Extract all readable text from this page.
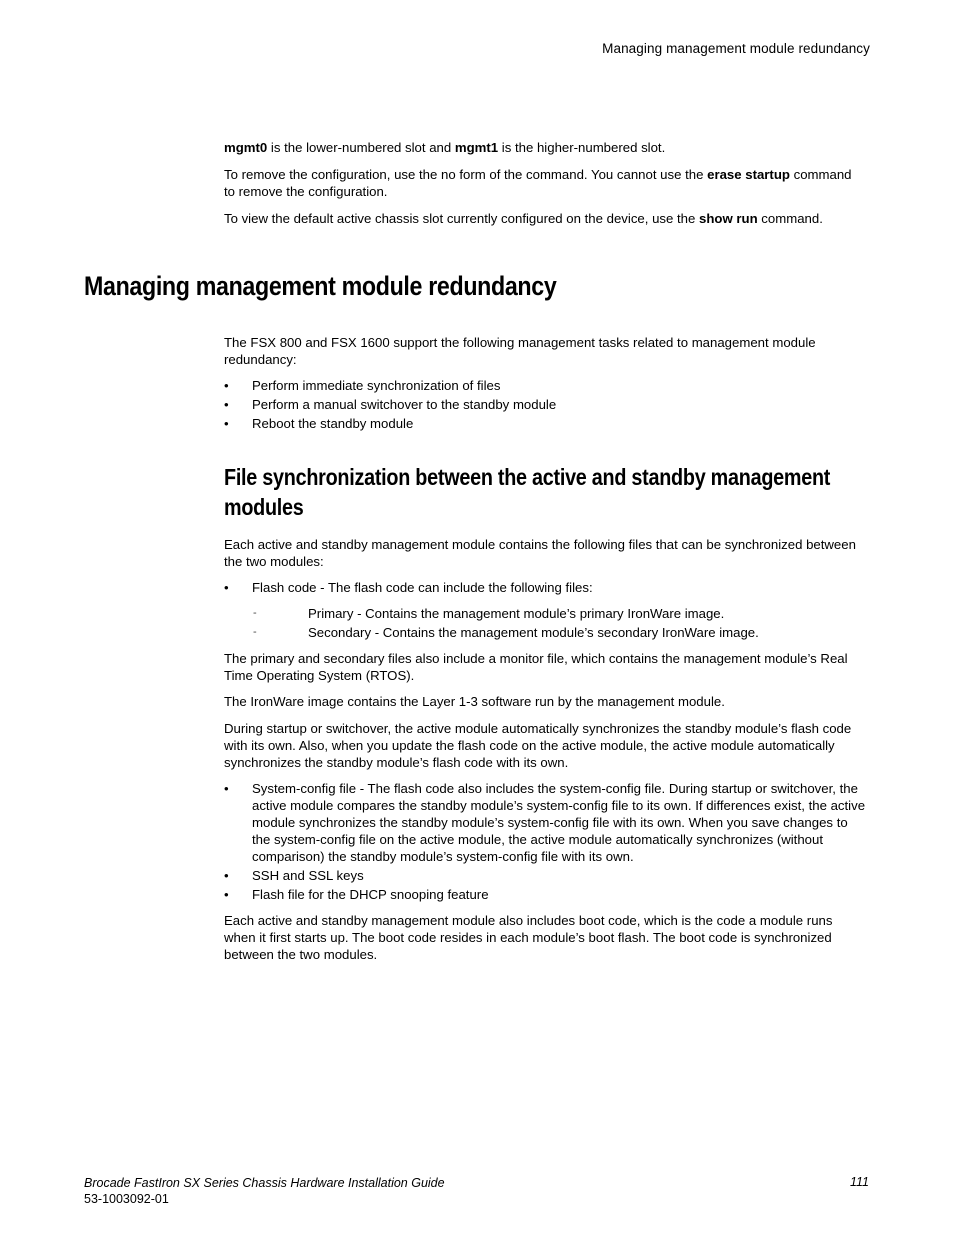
Managing management module redundancy

mgmt0 is the lower-numbered slot and mgmt1 is the higher-numbered slot.

To remove the configuration, use the no form of the command. You cannot use the erase startup command to remove the configuration.

To view the default active chassis slot currently configured on the device, use the show run command.

Managing management module redundancy

The FSX 800 and FSX 1600 support the following management tasks related to management module redundancy:

• Perform immediate synchronization of files
• Perform a manual switchover to the standby module
• Reboot the standby module
File synchronization between the active and standby management modules

Each active and standby management module contains the following files that can be synchronized between the two modules:

• Flash code - The flash code can include the following files:
-	Primary - Contains the management module’s primary IronWare image.
-	Secondary - Contains the management module’s secondary IronWare image.

The primary and secondary files also include a monitor file, which contains the management module’s Real Time Operating System (RTOS).

The IronWare image contains the Layer 1-3 software run by the management module.

During startup or switchover, the active module automatically synchronizes the standby module’s flash code with its own. Also, when you update the flash code on the active module, the active module automatically synchronizes the standby module’s flash code with its own.

• System-config file - The flash code also includes the system-config file. During startup or switchover, the active module compares the standby module’s system-config file to its own. If differences exist, the active module synchronizes the standby module’s system-config file with its own. When you save changes to the system-config file on the active module, the active module automatically synchronizes (without comparison) the standby module’s system-config file with its own.
• SSH and SSL keys
• Flash file for the DHCP snooping feature

Each active and standby management module also includes boot code, which is the code a module runs when it first starts up. The boot code resides in each module’s boot flash. The boot code is synchronized between the two modules.

Brocade FastIron SX Series Chassis Hardware Installation Guide
53-1003092-01
111
